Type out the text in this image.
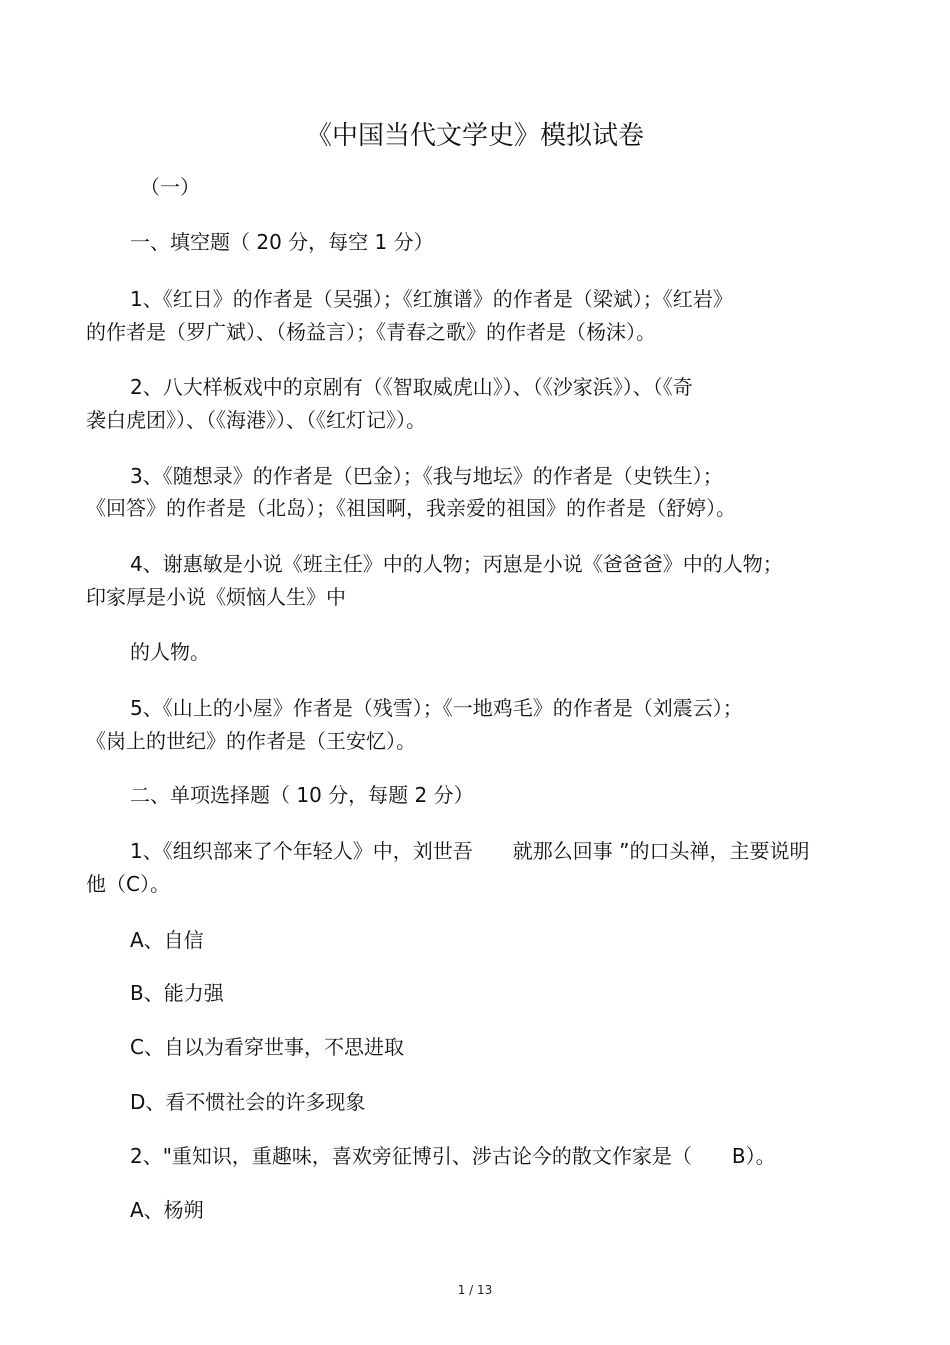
《中国当代文学史》模拟试卷
（一）
一、填空题（ 20 分，每空 1 分）
1、《红日》的作者是（吴强）；《红旗谱》的作者是（梁斌）；《红岩》
的作者是（罗广斌）、（杨益言）；《青春之歌》的作者是（杨沫）。
2、八大样板戏中的京剧有（《智取威虎山》）、（《沙家浜》）、（《奇
袭白虎团》）、（《海港》）、（《红灯记》）。
3、《随想录》的作者是（巴金）；《我与地坛》的作者是（史铁生）；
《回答》的作者是（北岛）；《祖国啊，我亲爱的祖国》的作者是（舒婷）。
4、谢惠敏是小说《班主任》中的人物；丙崽是小说《爸爸爸》中的人物；
印家厚是小说《烦恼人生》中
的人物。
5、《山上的小屋》作者是（残雪）；《一地鸡毛》的作者是（刘震云）；
《岗上的世纪》的作者是（王安忆）。
二、单项选择题（ 10 分，每题 2 分）
1、《组织部来了个年轻人》中，刘世吾　　就那么回事 ”的口头禅，主要说明
他（C）。
A、自信
B、能力强
C、自以为看穿世事，不思进取
D、看不惯社会的许多现象
2、"重知识，重趣味，喜欢旁征博引、涉古论今的散文作家是（　　B）。
A、杨朔
1 / 13
